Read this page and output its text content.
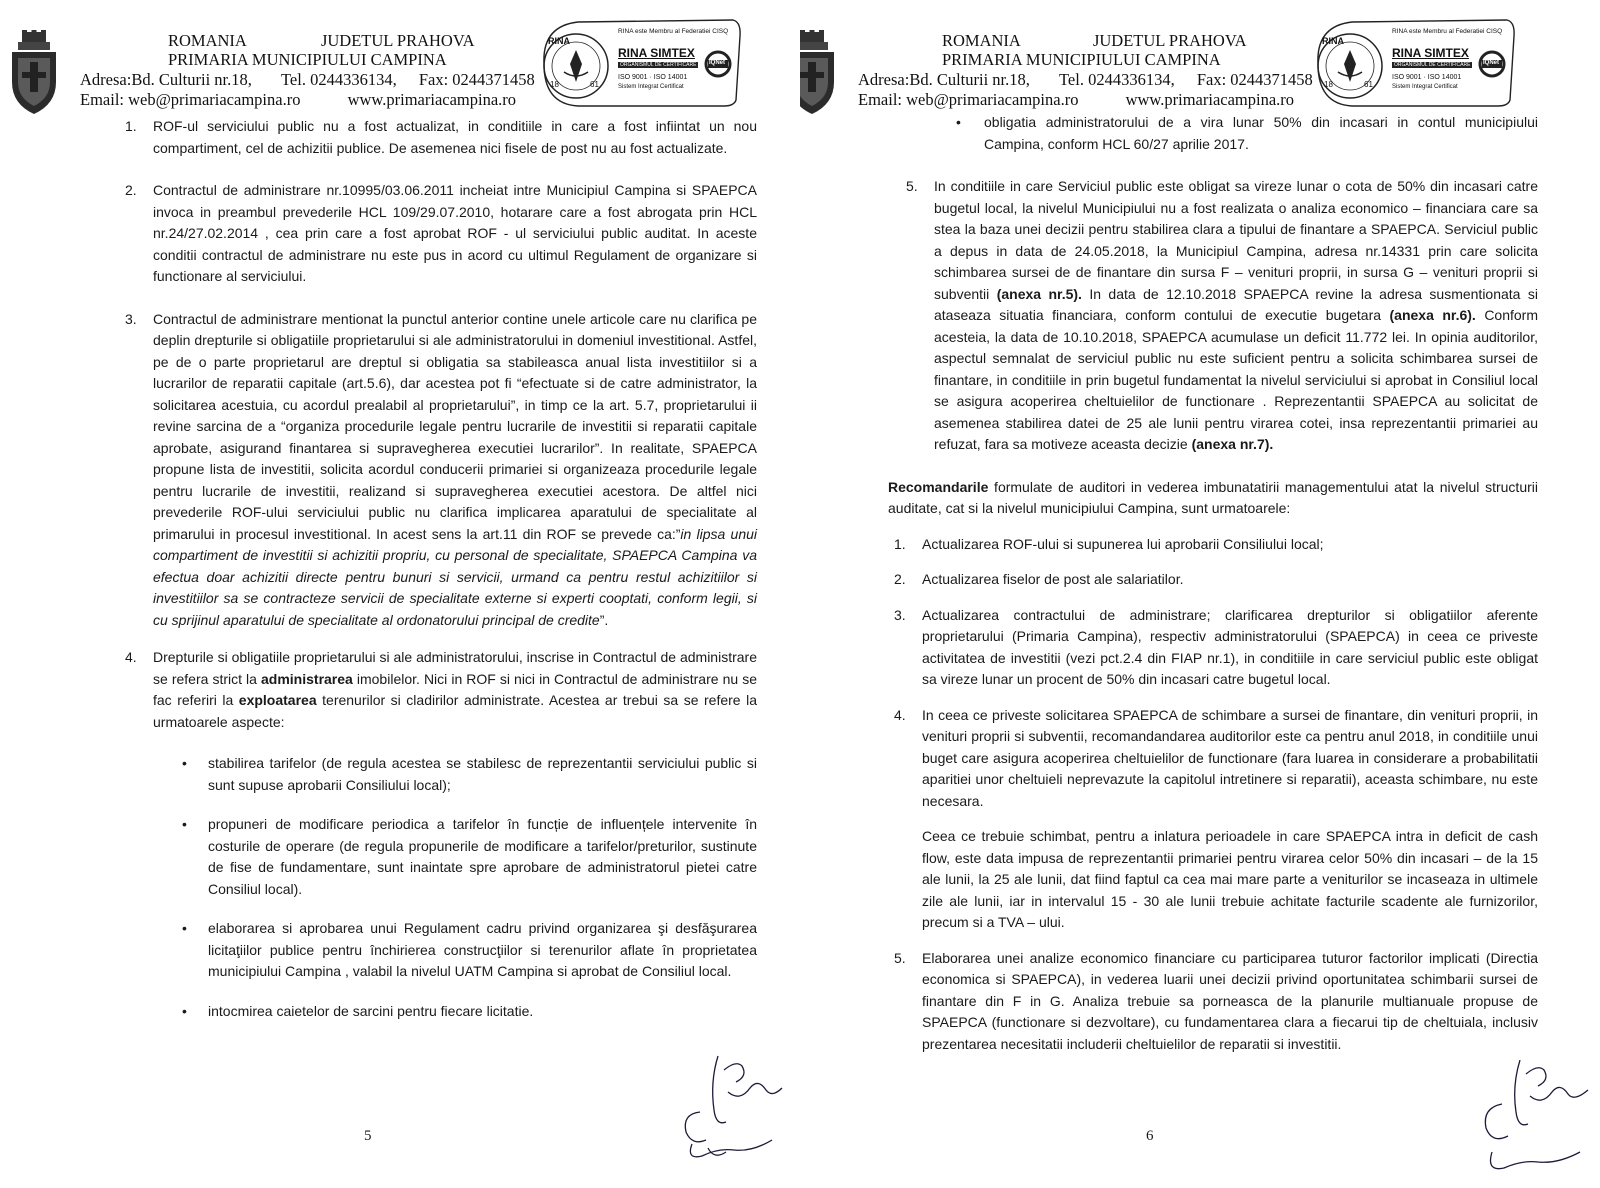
ROMANIA	JUDETUL PRAHOVA
PRIMARIA MUNICIPIULUI CAMPINA
Adresa:Bd. Culturii nr.18, Tel. 0244336134, Fax: 0244371458
Email: web@primariacampina.ro	www.primariacampina.ro
RINA
18	61
RINA este Membru al Federatiei CISQ
RINA SIMTEX
ORGANISMUL DE CERTIFICARE
ISO 9001 · ISO 14001
Sistem Integrat Certificat
IQNet
1. ROF-ul serviciului public nu a fost actualizat, in conditiile in care a fost infiintat un nou compartiment, cel de achizitii publice. De asemenea nici fisele de post nu au fost actualizate.
2. Contractul de administrare nr.10995/03.06.2011 incheiat intre Municipiul Campina si SPAEPCA invoca in preambul prevederile HCL 109/29.07.2010, hotarare care a fost abrogata prin HCL nr.24/27.02.2014 , cea prin care a fost aprobat ROF - ul serviciului public auditat. In aceste conditii contractul de administrare nu este pus in acord cu ultimul Regulament de organizare si functionare al serviciului.
3. Contractul de administrare mentionat la punctul anterior contine unele articole care nu clarifica pe deplin drepturile si obligatiile proprietarului si ale administratorului in domeniul investitional. Astfel, pe de o parte proprietarul are dreptul si obligatia sa stabileasca anual lista investitiilor si a lucrarilor de reparatii capitale (art.5.6), dar acestea pot fi “efectuate si de catre administrator, la solicitarea acestuia, cu acordul prealabil al proprietarului”, in timp ce la art. 5.7, proprietarului ii revine sarcina de a “organiza procedurile legale pentru lucrarile de investitii si reparatii capitale aprobate, asigurand finantarea si supravegherea executiei lucrarilor”. In realitate, SPAEPCA propune lista de investitii, solicita acordul conducerii primariei si organizeaza procedurile legale pentru lucrarile de investitii, realizand si supravegherea executiei acestora. De altfel nici prevederile ROF-ului serviciului public nu clarifica implicarea aparatului de specialitate al primarului in procesul investitional. In acest sens la art.11 din ROF se prevede ca:”in lipsa unui compartiment de investitii si achizitii propriu, cu personal de specialitate, SPAEPCA Campina va efectua doar achizitii directe pentru bunuri si servicii, urmand ca pentru restul achizitiilor si investitiilor sa se contracteze servicii de specialitate externe si experti cooptati, conform legii, si cu sprijinul aparatului de specialitate al ordonatorului principal de credite”.
4. Drepturile si obligatiile proprietarului si ale administratorului, inscrise in Contractul de administrare se refera strict la administrarea imobilelor. Nici in ROF si nici in Contractul de administrare nu se fac referiri la exploatarea terenurilor si cladirilor administrate. Acestea ar trebui sa se refere la urmatoarele aspecte:
• stabilirea tarifelor (de regula acestea se stabilesc de reprezentantii serviciului public si sunt supuse aprobarii Consiliului local);
• propuneri de modificare periodica a tarifelor în funcție de influențele intervenite în costurile de operare (de regula propunerile de modificare a tarifelor/preturilor, sustinute de fise de fundamentare, sunt inaintate spre aprobare de administratorul pietei catre Consiliul local).
• elaborarea si aprobarea unui Regulament cadru privind organizarea şi desfăşurarea licitaţiilor publice pentru închirierea construcţiilor si terenurilor aflate în proprietatea municipiului Campina , valabil la nivelul UATM Campina si aprobat de Consiliul local.
• intocmirea caietelor de sarcini pentru fiecare licitatie.
5
ROMANIA	JUDETUL PRAHOVA
PRIMARIA MUNICIPIULUI CAMPINA
Adresa:Bd. Culturii nr.18, Tel. 0244336134, Fax: 0244371458
Email: web@primariacampina.ro	www.primariacampina.ro
RINA
18	61
RINA este Membru al Federatiei CISQ
RINA SIMTEX
ORGANISMUL DE CERTIFICARE
ISO 9001 · ISO 14001
Sistem Integrat Certificat
IQNet
• obligatia administratorului de a vira lunar 50% din incasari in contul municipiului Campina, conform HCL 60/27 aprilie 2017.
5. In conditiile in care Serviciul public este obligat sa vireze lunar o cota de 50% din incasari catre bugetul local, la nivelul Municipiului nu a fost realizata o analiza economico – financiara care sa stea la baza unei decizii pentru stabilirea clara a tipului de finantare a SPAEPCA. Serviciul public a depus in data de 24.05.2018, la Municipiul Campina, adresa nr.14331 prin care solicita schimbarea sursei de de finantare din sursa F – venituri proprii, in sursa G – venituri proprii si subventii (anexa nr.5). In data de 12.10.2018 SPAEPCA revine la adresa susmentionata si ataseaza situatia financiara, conform contului de executie bugetara (anexa nr.6). Conform acesteia, la data de 10.10.2018, SPAEPCA acumulase un deficit 11.772 lei. In opinia auditorilor, aspectul semnalat de serviciul public nu este suficient pentru a solicita schimbarea sursei de finantare, in conditiile in prin bugetul fundamentat la nivelul serviciului si aprobat in Consiliul local se asigura acoperirea cheltuielilor de functionare . Reprezentantii SPAEPCA au solicitat de asemenea stabilirea datei de 25 ale lunii pentru virarea cotei, insa reprezentantii primariei au refuzat, fara sa motiveze aceasta decizie (anexa nr.7).
Recomandarile formulate de auditori in vederea imbunatatirii managementului atat la nivelul structurii auditate, cat si la nivelul municipiului Campina, sunt urmatoarele:
1. Actualizarea ROF-ului si supunerea lui aprobarii Consiliului local;
2. Actualizarea fiselor de post ale salariatilor.
3. Actualizarea contractului de administrare; clarificarea drepturilor si obligatiilor aferente proprietarului (Primaria Campina), respectiv administratorului (SPAEPCA) in ceea ce priveste activitatea de investitii (vezi pct.2.4 din FIAP nr.1), in conditiile in care serviciul public este obligat sa vireze lunar un procent de 50% din incasari catre bugetul local.
4. In ceea ce priveste solicitarea SPAEPCA de schimbare a sursei de finantare, din venituri proprii, in venituri proprii si subventii, recomandandarea auditorilor este ca pentru anul 2018, in conditiile unui buget care asigura acoperirea cheltuielilor de functionare (fara luarea in considerare a probabilitatii aparitiei unor cheltuieli neprevazute la capitolul intretinere si reparatii), aceasta schimbare, nu este necesara.
Ceea ce trebuie schimbat, pentru a inlatura perioadele in care SPAEPCA intra in deficit de cash flow, este data impusa de reprezentantii primariei pentru virarea celor 50% din incasari – de la 15 ale lunii, la 25 ale lunii, dat fiind faptul ca cea mai mare parte a veniturilor se incaseaza in ultimele zile ale lunii, iar in intervalul 15 - 30 ale lunii trebuie achitate facturile scadente ale furnizorilor, precum si a TVA – ului.
5. Elaborarea unei analize economico financiare cu participarea tuturor factorilor implicati (Directia economica si SPAEPCA), in vederea luarii unei decizii privind oportunitatea schimbarii sursei de finantare din F in G. Analiza trebuie sa porneasca de la planurile multianuale propuse de SPAEPCA (functionare si dezvoltare), cu fundamentarea clara a fiecarui tip de cheltuiala, inclusiv prezentarea necesitatii includerii cheltuielilor de reparatii si investitii.
6
